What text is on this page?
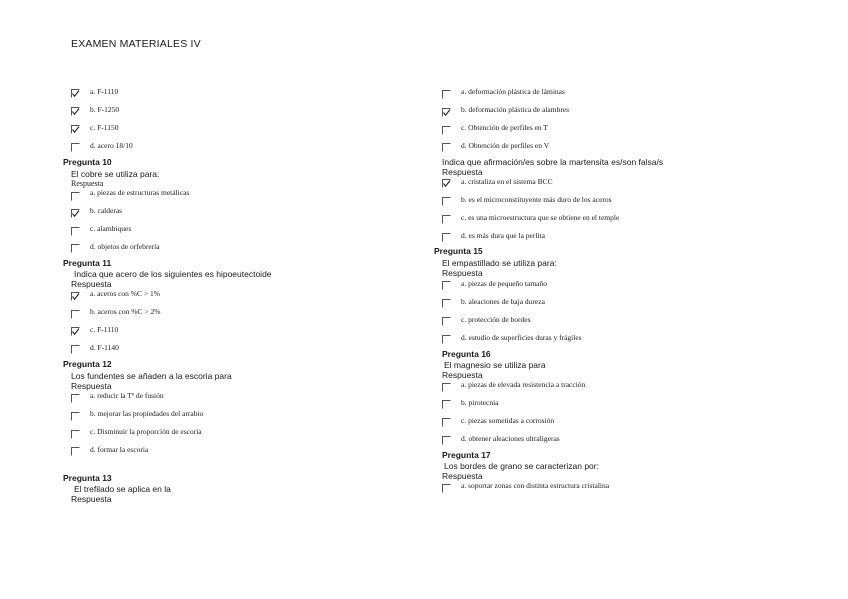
EXAMEN MATERIALES IV
a. F-1110
b. F-1250
c. F-1150
d. acero 18/10
Pregunta 10
El cobre se utiliza para:
Respuesta
a. piezas de estructuras metálicas
b. calderas
c. alambiques
d. objetos de orfebrería
Pregunta 11
Indica que acero de los siguientes es hipoeutectoide
Respuesta
a. aceros con %C > 1%
b. aceros con %C > 2%
c. F-1110
d. F-1140
Pregunta 12
Los fundentes se añaden a la escoria para
Respuesta
a. reducir la Tª de fusión
b. mejorar las propiedades del arrabio
c. Disminuir la proporción de escoria
d. formar la escoria
Pregunta 13
El trefilado se aplica en la
Respuesta
a. deformación plástica de láminas
b. deformación plástica de alambres
c. Obtención de perfiles en T
d. Obtención de perfiles en V
Indica que afirmación/es sobre la martensita es/son falsa/s
Respuesta
a. cristaliza en el sistema BCC
b. es el microconstituyente más duro de los aceros
c. es una microestructura que se obtiene en el temple
d. es más dura que la perlita
Pregunta 15
El empastillado se utiliza para:
Respuesta
a. piezas de pequeño tamaño
b. aleaciones de baja dureza
c. protección de bordes
d. estudio de superficies duras y frágiles
Pregunta 16
El magnesio se utiliza para
Respuesta
a. piezas de elevada resistencia a tracción
b. pirotecnia
c. piezas sometidas a corrosión
d. obtener aleaciones ultraligeras
Pregunta 17
Los bordes de grano se caracterizan por:
Respuesta
a. soportar zonas con distinta estructura cristalina
